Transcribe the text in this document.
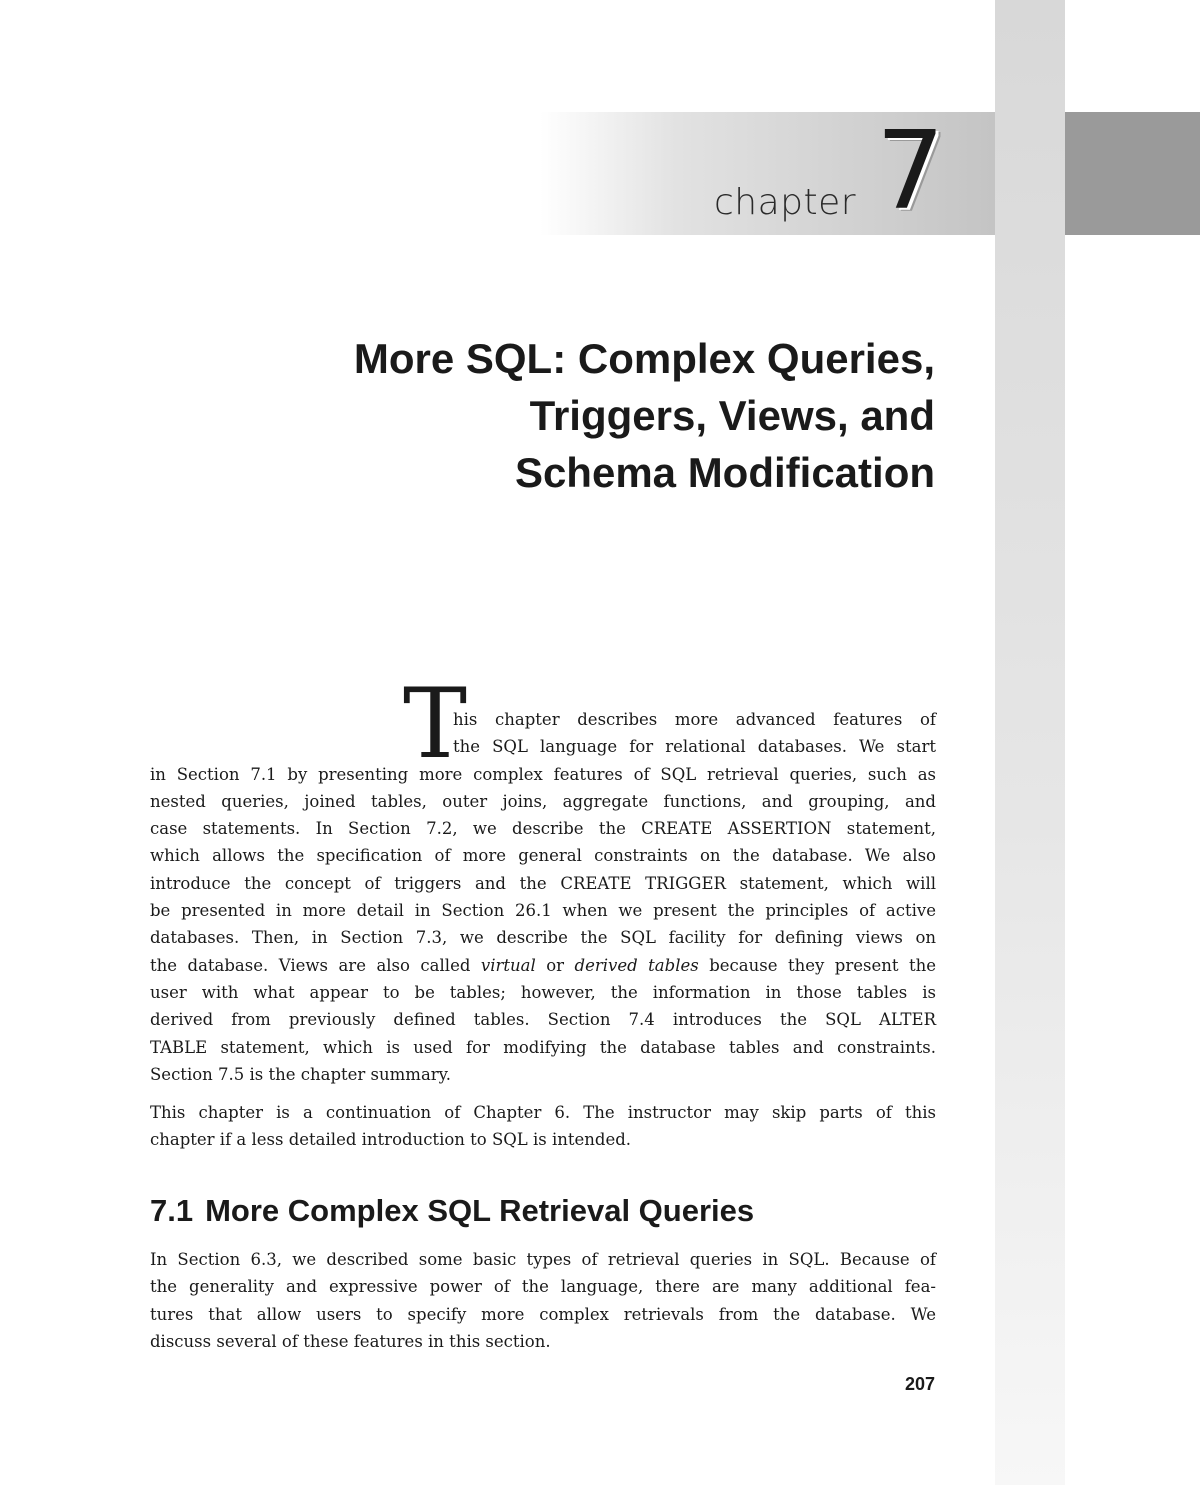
chapter 7
More SQL: Complex Queries,
Triggers, Views, and
Schema Modification
T
his chapter describes more advanced features of
the SQL language for relational databases. We start
in Section 7.1 by presenting more complex features of SQL retrieval queries, such as
nested queries, joined tables, outer joins, aggregate functions, and grouping, and
case statements. In Section 7.2, we describe the CREATE ASSERTION statement,
which allows the specification of more general constraints on the database. We also
introduce the concept of triggers and the CREATE TRIGGER statement, which will
be presented in more detail in Section 26.1 when we present the principles of active
databases. Then, in Section 7.3, we describe the SQL facility for defining views on
the database. Views are also called virtual or derived tables because they present the
user with what appear to be tables; however, the information in those tables is
derived from previously defined tables. Section 7.4 introduces the SQL ALTER
TABLE statement, which is used for modifying the database tables and constraints.
Section 7.5 is the chapter summary.
This chapter is a continuation of Chapter 6. The instructor may skip parts of this
chapter if a less detailed introduction to SQL is intended.
7.1 More Complex SQL Retrieval Queries
In Section 6.3, we described some basic types of retrieval queries in SQL. Because of
the generality and expressive power of the language, there are many additional fea-
tures that allow users to specify more complex retrievals from the database. We
discuss several of these features in this section.
207
